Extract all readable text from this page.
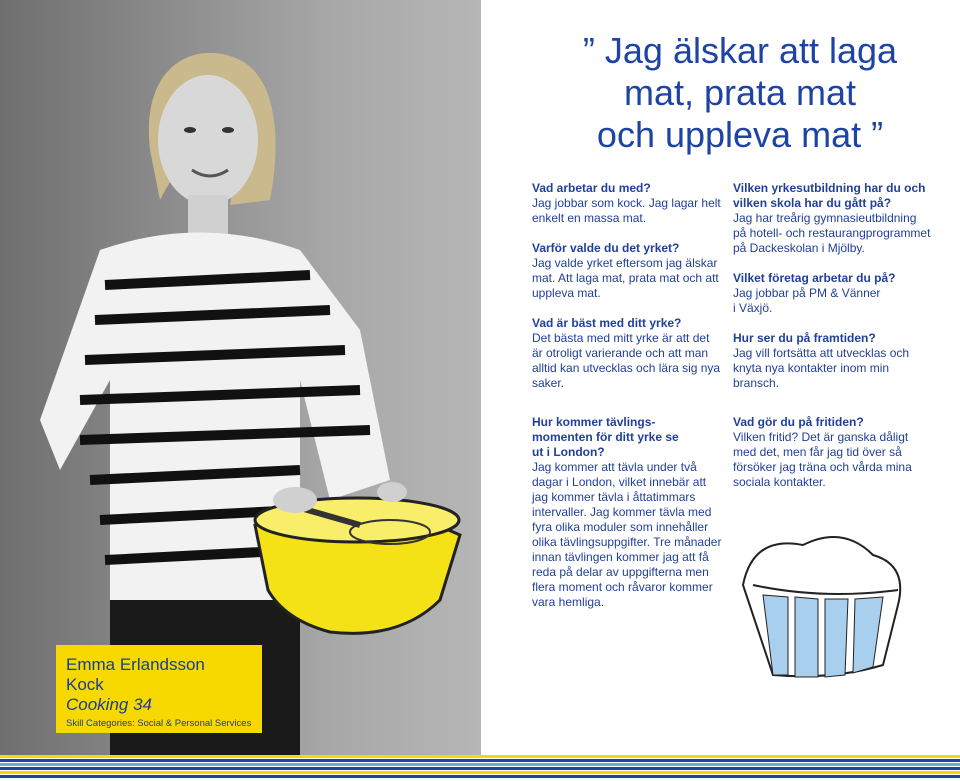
Emma Erlandsson
Kock
Cooking 34
Skill Categories: Social & Personal Services
” Jag älskar att laga
mat, prata mat
och uppleva mat ”
Vad arbetar du med?
Jag jobbar som kock. Jag lagar helt enkelt en massa mat.
Varför valde du det yrket?
Jag valde yrket eftersom jag älskar mat. Att laga mat, prata mat och att uppleva mat.
Vad är bäst med ditt yrke?
Det bästa med mitt yrke är att det är otroligt varierande och att man alltid kan utvecklas och lära sig nya saker.
Hur kommer tävlingsmomenten för ditt yrke se ut i London?
Jag kommer att tävla under två dagar i London, vilket innebär att jag kommer tävla i åttatimmars intervaller. Jag kommer tävla med fyra olika moduler som innehåller olika tävlingsuppgifter. Tre månader innan tävlingen kommer jag att få reda på delar av uppgifterna men flera moment och råvaror kommer vara hemliga.
Vilken yrkesutbildning har du och vilken skola har du gått på?
Jag har treårig gymnasieutbildning på hotell- och restaurangprogrammet på Dackeskolan i Mjölby.
Vilket företag arbetar du på?
Jag jobbar på PM & Vänner i Växjö.
Hur ser du på framtiden?
Jag vill fortsätta att utvecklas och knyta nya kontakter inom min bransch.
Vad gör du på fritiden?
Vilken fritid? Det är ganska dåligt med det, men får jag tid över så försöker jag träna och vårda mina sociala kontakter.
